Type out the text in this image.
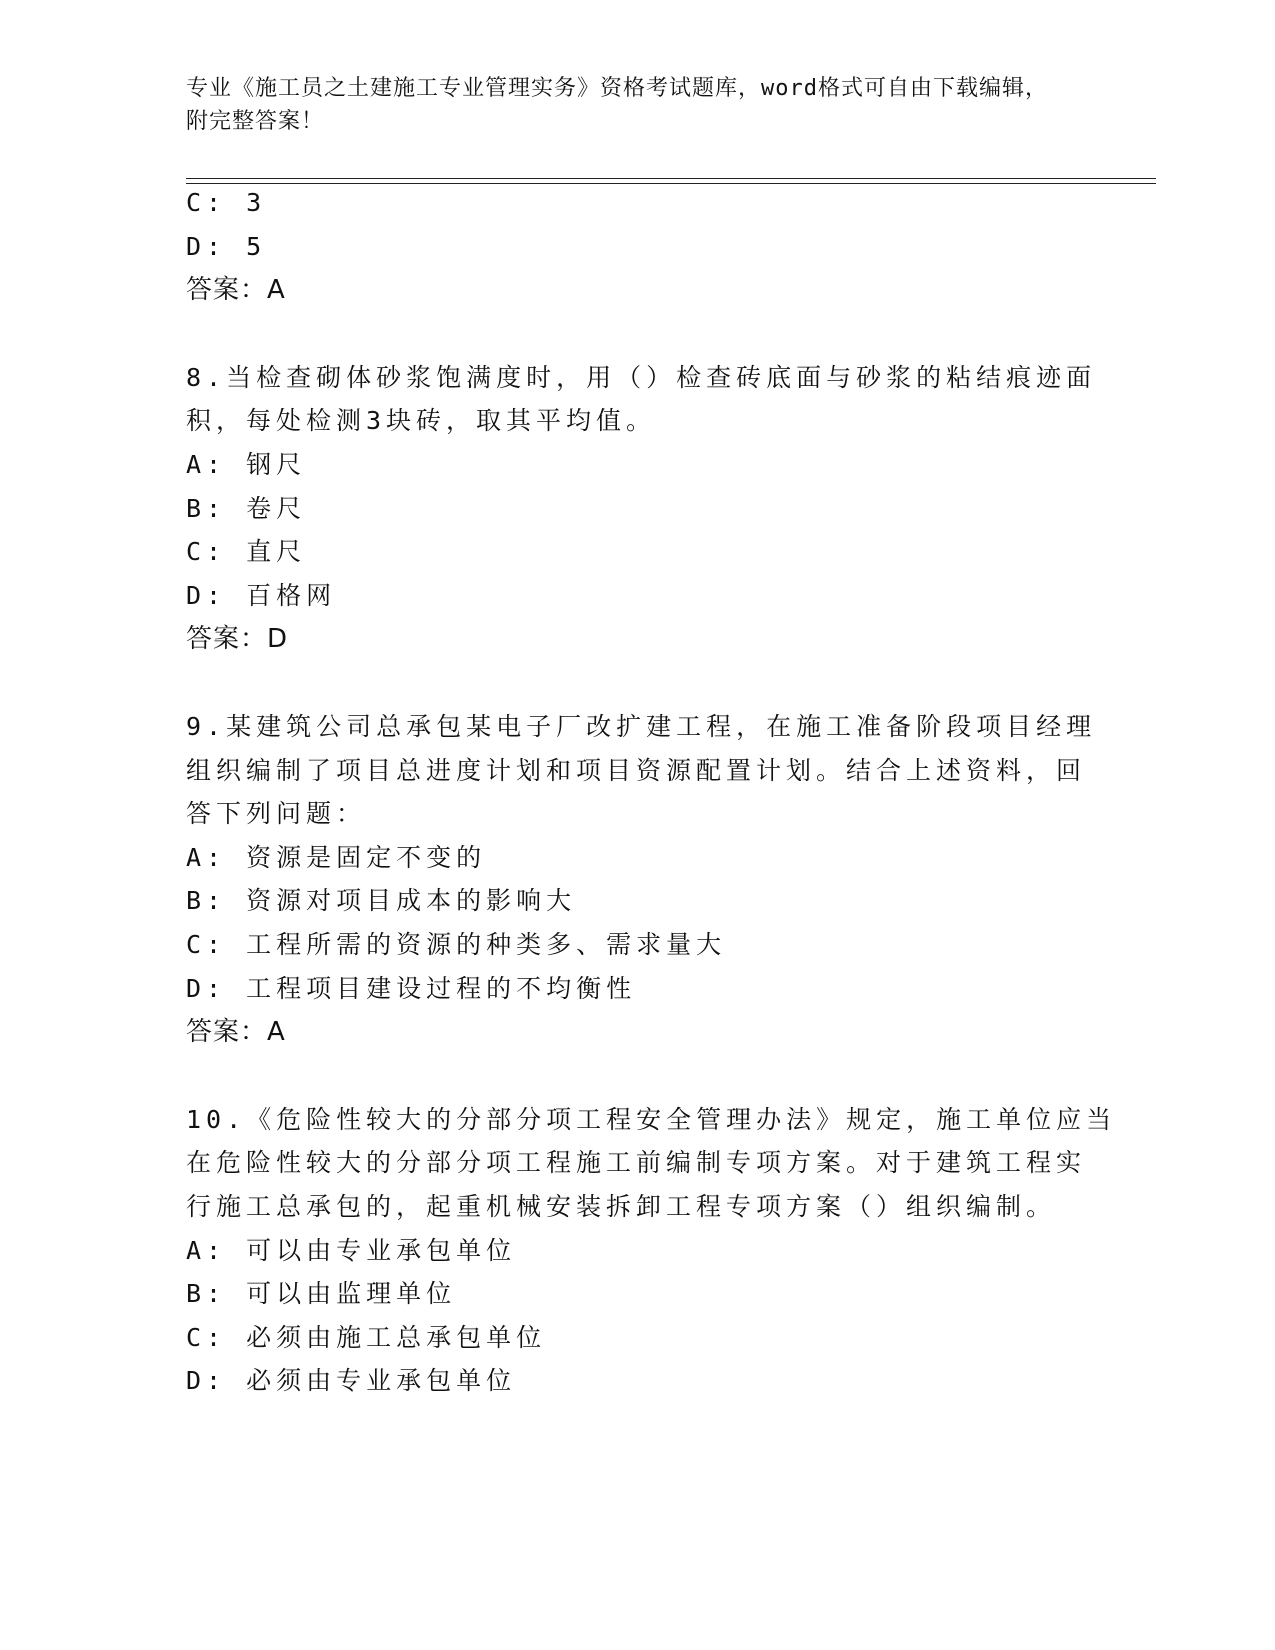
专业《施工员之土建施工专业管理实务》资格考试题库，word格式可自由下载编辑，附完整答案！
C: 3
D: 5
答案：A
8.当检查砌体砂浆饱满度时，用（）检查砖底面与砂浆的粘结痕迹面
积，每处检测3块砖，取其平均值。
A: 钢尺
B: 卷尺
C: 直尺
D: 百格网
答案：D
9.某建筑公司总承包某电子厂改扩建工程，在施工准备阶段项目经理
组织编制了项目总进度计划和项目资源配置计划。结合上述资料，回
答下列问题：
A: 资源是固定不变的
B: 资源对项目成本的影响大
C: 工程所需的资源的种类多、需求量大
D: 工程项目建设过程的不均衡性
答案：A
10.《危险性较大的分部分项工程安全管理办法》规定，施工单位应当
在危险性较大的分部分项工程施工前编制专项方案。对于建筑工程实
行施工总承包的，起重机械安装拆卸工程专项方案（）组织编制。
A: 可以由专业承包单位
B: 可以由监理单位
C: 必须由施工总承包单位
D: 必须由专业承包单位
